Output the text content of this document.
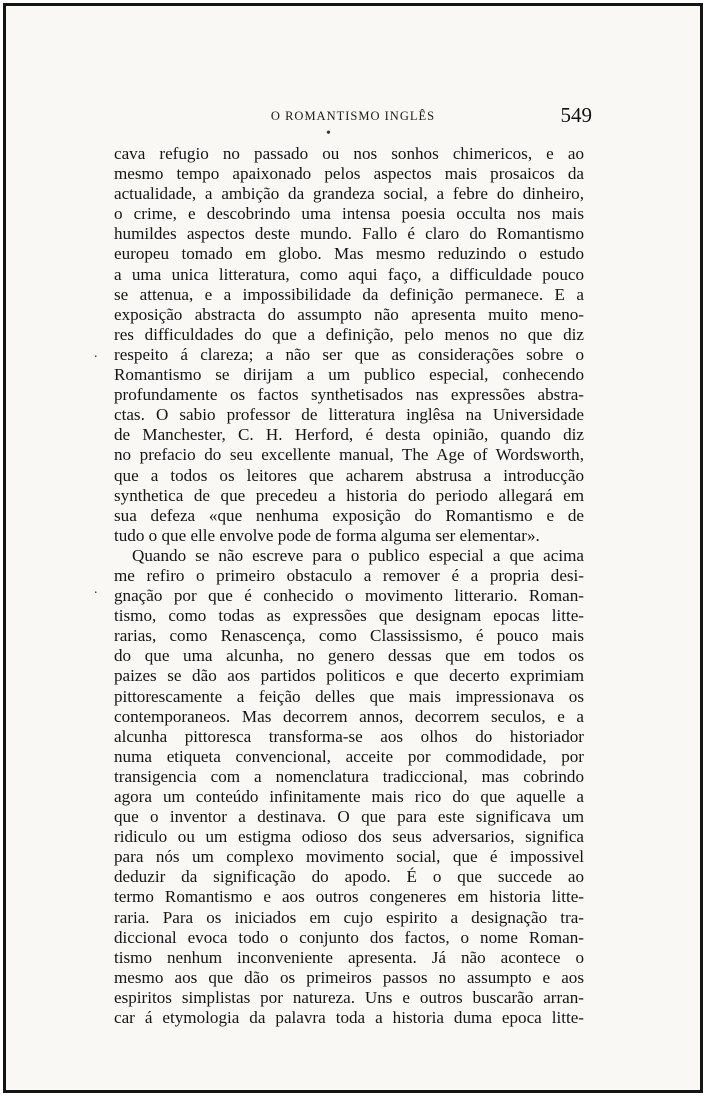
O ROMANTISMO INGLÊS	549
cava refugio no passado ou nos sonhos chimericos, e ao
mesmo tempo apaixonado pelos aspectos mais prosaicos da
actualidade, a ambição da grandeza social, a febre do dinheiro,
o crime, e descobrindo uma intensa poesia occulta nos mais
humildes aspectos deste mundo. Fallo é claro do Romantismo
europeu tomado em globo. Mas mesmo reduzindo o estudo
a uma unica litteratura, como aqui faço, a difficuldade pouco
se attenua, e a impossibilidade da definição permanece. E a
exposição abstracta do assumpto não apresenta muito meno-
res difficuldades do que a definição, pelo menos no que diz
respeito á clareza; a não ser que as considerações sobre o
Romantismo se dirijam a um publico especial, conhecendo
profundamente os factos synthetisados nas expressões abstra-
ctas. O sabio professor de litteratura inglêsa na Universidade
de Manchester, C. H. Herford, é desta opinião, quando diz
no prefacio do seu excellente manual, The Age of Wordsworth,
que a todos os leitores que acharem abstrusa a introducção
synthetica de que precedeu a historia do periodo allegará em
sua defeza «que nenhuma exposição do Romantismo e de
tudo o que elle envolve pode de forma alguma ser elementar».
Quando se não escreve para o publico especial a que acima
me refiro o primeiro obstaculo a remover é a propria desi-
gnação por que é conhecido o movimento litterario. Roman-
tismo, como todas as expressões que designam epocas litte-
rarias, como Renascença, como Classissismo, é pouco mais
do que uma alcunha, no genero dessas que em todos os
paizes se dão aos partidos politicos e que decerto exprimiam
pittorescamente a feição delles que mais impressionava os
contemporaneos. Mas decorrem annos, decorrem seculos, e a
alcunha pittoresca transforma-se aos olhos do historiador
numa etiqueta convencional, acceite por commodidade, por
transigencia com a nomenclatura tradiccional, mas cobrindo
agora um conteúdo infinitamente mais rico do que aquelle a
que o inventor a destinava. O que para este significava um
ridiculo ou um estigma odioso dos seus adversarios, significa
para nós um complexo movimento social, que é impossivel
deduzir da significação do apodo. É o que succede ao
termo Romantismo e aos outros congeneres em historia litte-
raria. Para os iniciados em cujo espirito a designação tra-
diccional evoca todo o conjunto dos factos, o nome Roman-
tismo nenhum inconveniente apresenta. Já não acontece o
mesmo aos que dão os primeiros passos no assumpto e aos
espiritos simplistas por natureza. Uns e outros buscarão arran-
car á etymologia da palavra toda a historia duma epoca litte-
•
.
.
